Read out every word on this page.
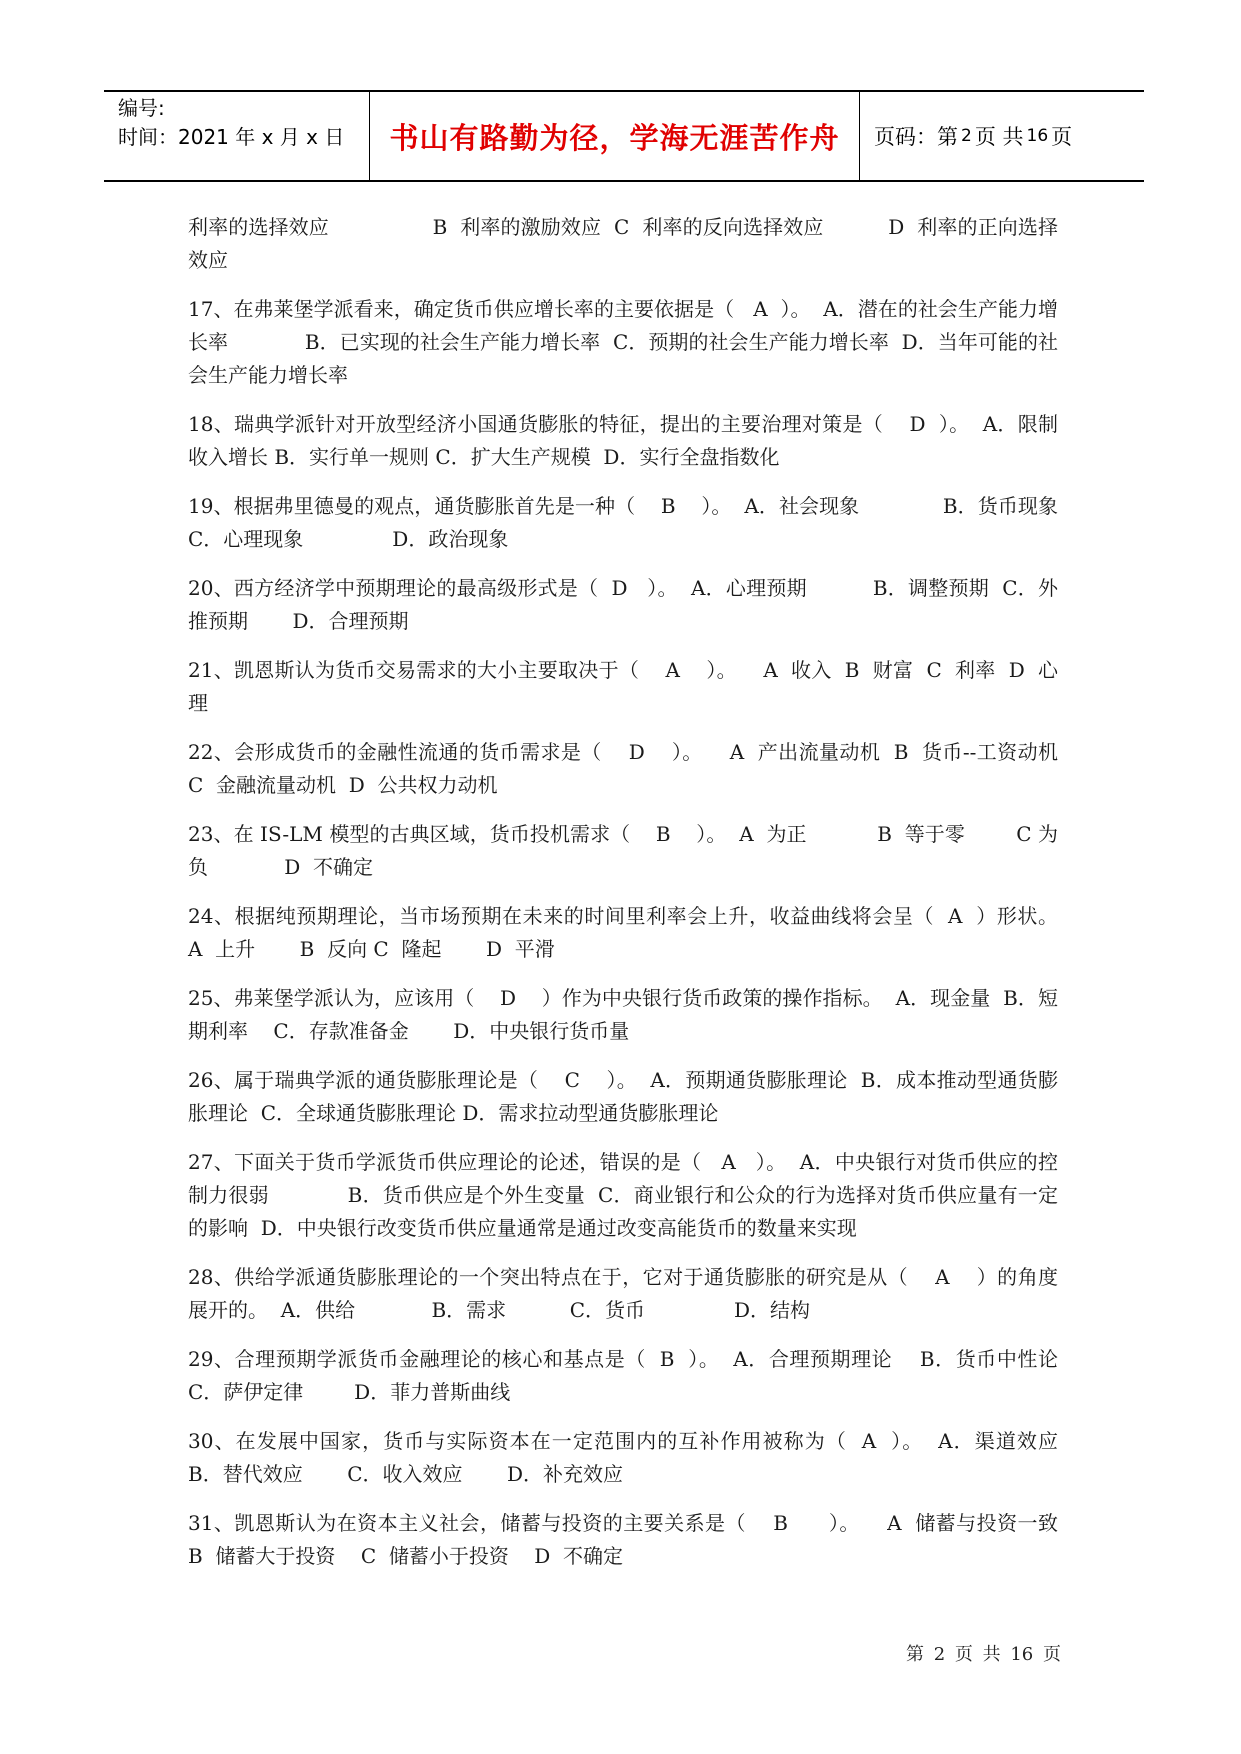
编号:
时间：2021 年 x 月 x 日	书山有路勤为径，学海无涯苦作舟	页码：第 2 页 共 16 页

利率的选择效应                B  利率的激励效应  C  利率的反向选择效应          D  利率的正向选择效应

17、在弗莱堡学派看来，确定货币供应增长率的主要依据是（   A  ）。  A．潜在的社会生产能力增长率            B．已实现的社会生产能力增长率  C．预期的社会生产能力增长率  D．当年可能的社会生产能力增长率

18、瑞典学派针对开放型经济小国通货膨胀的特征，提出的主要治理对策是（    D  ）。  A．限制收入增长 B．实行单一规则 C．扩大生产规模  D．实行全盘指数化

19、根据弗里德曼的观点，通货膨胀首先是一种（    B    ）。  A．社会现象             B．货币现象      C．心理现象              D．政治现象

20、西方经济学中预期理论的最高级形式是（  D   ）。  A．心理预期          B．调整预期  C．外推预期       D．合理预期

21、凯恩斯认为货币交易需求的大小主要取决于（    A    ）。    A  收入  B  财富  C  利率  D  心理

22、会形成货币的金融性流通的货币需求是（    D    ）。    A  产出流量动机  B  货币--工资动机  C  金融流量动机  D  公共权力动机

23、在 IS-LM 模型的古典区域，货币投机需求（    B    ）。  A  为正           B  等于零        C 为负            D  不确定

24、根据纯预期理论，当市场预期在未来的时间里利率会上升，收益曲线将会呈（  A  ）形状。      A  上升       B  反向 C  隆起       D  平滑

25、弗莱堡学派认为，应该用（    D    ）作为中央银行货币政策的操作指标。  A．现金量  B．短期利率    C．存款准备金       D．中央银行货币量

26、属于瑞典学派的通货膨胀理论是（    C    ）。  A．预期通货膨胀理论  B．成本推动型通货膨胀理论  C．全球通货膨胀理论 D．需求拉动型通货膨胀理论

27、下面关于货币学派货币供应理论的论述，错误的是（   A   ）。  A．中央银行对货币供应的控制力很弱            B．货币供应是个外生变量  C．商业银行和公众的行为选择对货币供应量有一定的影响  D．中央银行改变货币供应量通常是通过改变高能货币的数量来实现

28、供给学派通货膨胀理论的一个突出特点在于，它对于通货膨胀的研究是从（    A    ）的角度展开的。  A．供给            B．需求          C．货币              D．结构

29、合理预期学派货币金融理论的核心和基点是（  B  ）。  A．合理预期理论    B．货币中性论       C．萨伊定律        D．菲力普斯曲线

30、在发展中国家，货币与实际资本在一定范围内的互补作用被称为（  A  ）。  A．渠道效应       B．替代效应       C．收入效应       D．补充效应

31、凯恩斯认为在资本主义社会，储蓄与投资的主要关系是（    B      ）。    A  储蓄与投资一致  B  储蓄大于投资    C  储蓄小于投资    D  不确定

第 2 页 共 16 页
